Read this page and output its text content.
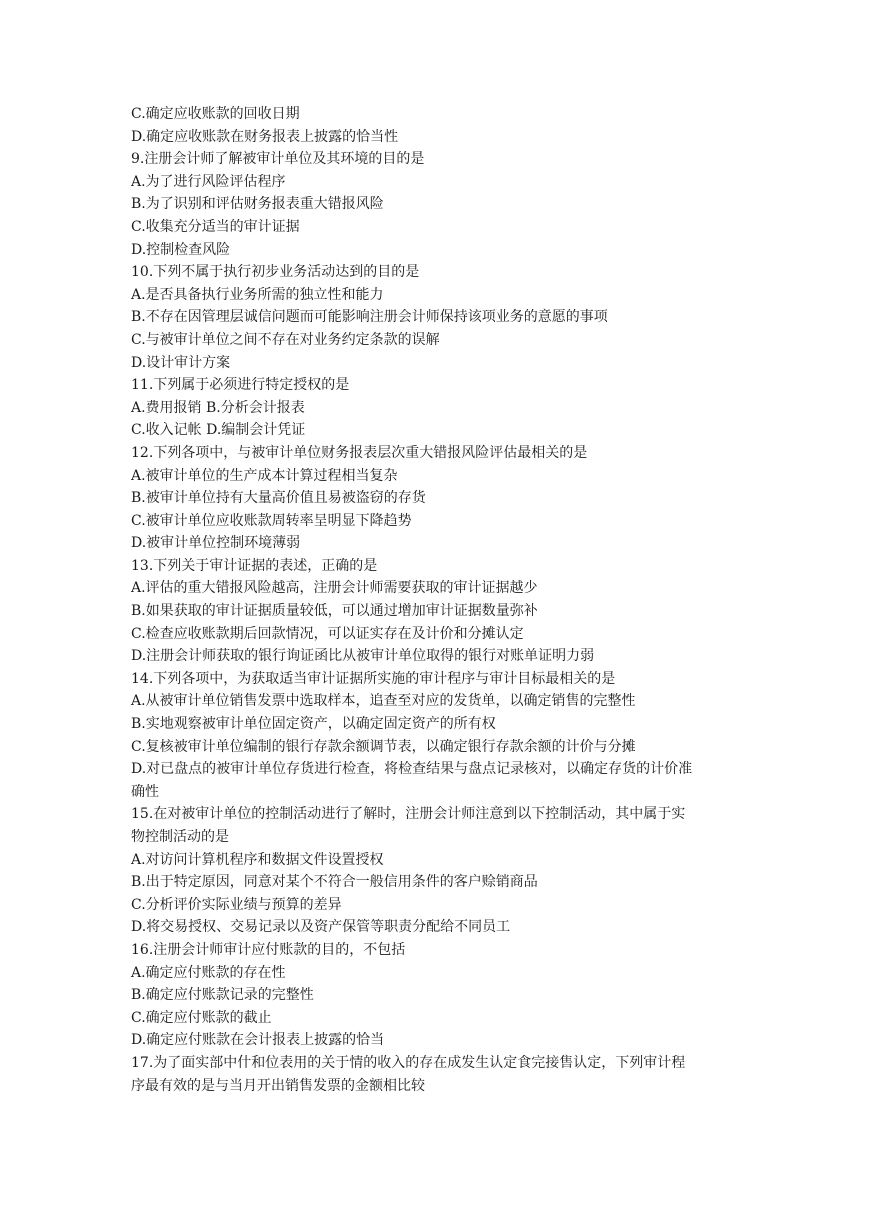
C.确定应收账款的回收日期
D.确定应收账款在财务报表上披露的恰当性
9.注册会计师了解被审计单位及其环境的目的是
A.为了进行风险评估程序
B.为了识别和评估财务报表重大错报风险
C.收集充分适当的审计证据
D.控制检查风险
10.下列不属于执行初步业务活动达到的目的是
A.是否具备执行业务所需的独立性和能力
B.不存在因管理层诚信问题而可能影响注册会计师保持该项业务的意愿的事项
C.与被审计单位之间不存在对业务约定条款的误解
D.设计审计方案
11.下列属于必须进行特定授权的是
A.费用报销 B.分析会计报表
C.收入记帐 D.编制会计凭证
12.下列各项中，与被审计单位财务报表层次重大错报风险评估最相关的是
A.被审计单位的生产成本计算过程相当复杂
B.被审计单位持有大量高价值且易被盗窃的存货
C.被审计单位应收账款周转率呈明显下降趋势
D.被审计单位控制环境薄弱
13.下列关于审计证据的表述，正确的是
A.评估的重大错报风险越高，注册会计师需要获取的审计证据越少
B.如果获取的审计证据质量较低，可以通过增加审计证据数量弥补
C.检查应收账款期后回款情况，可以证实存在及计价和分摊认定
D.注册会计师获取的银行询证函比从被审计单位取得的银行对账单证明力弱
14.下列各项中，为获取适当审计证据所实施的审计程序与审计目标最相关的是
A.从被审计单位销售发票中选取样本，追查至对应的发货单，以确定销售的完整性
B.实地观察被审计单位固定资产，以确定固定资产的所有权
C.复核被审计单位编制的银行存款余额调节表，以确定银行存款余额的计价与分摊
D.对已盘点的被审计单位存货进行检查，将检查结果与盘点记录核对，以确定存货的计价准
确性
15.在对被审计单位的控制活动进行了解时，注册会计师注意到以下控制活动，其中属于实
物控制活动的是
A.对访问计算机程序和数据文件设置授权
B.出于特定原因，同意对某个不符合一般信用条件的客户赊销商品
C.分析评价实际业绩与预算的差异
D.将交易授权、交易记录以及资产保管等职责分配给不同员工
16.注册会计师审计应付账款的目的，不包括
A.确定应付账款的存在性
B.确定应付账款记录的完整性
C.确定应付账款的截止
D.确定应付账款在会计报表上披露的恰当
17.为了面实部中什和位表用的关于情的收入的存在成发生认定食完接售认定，下列审计程
序最有效的是与当月开出销售发票的金额相比较
